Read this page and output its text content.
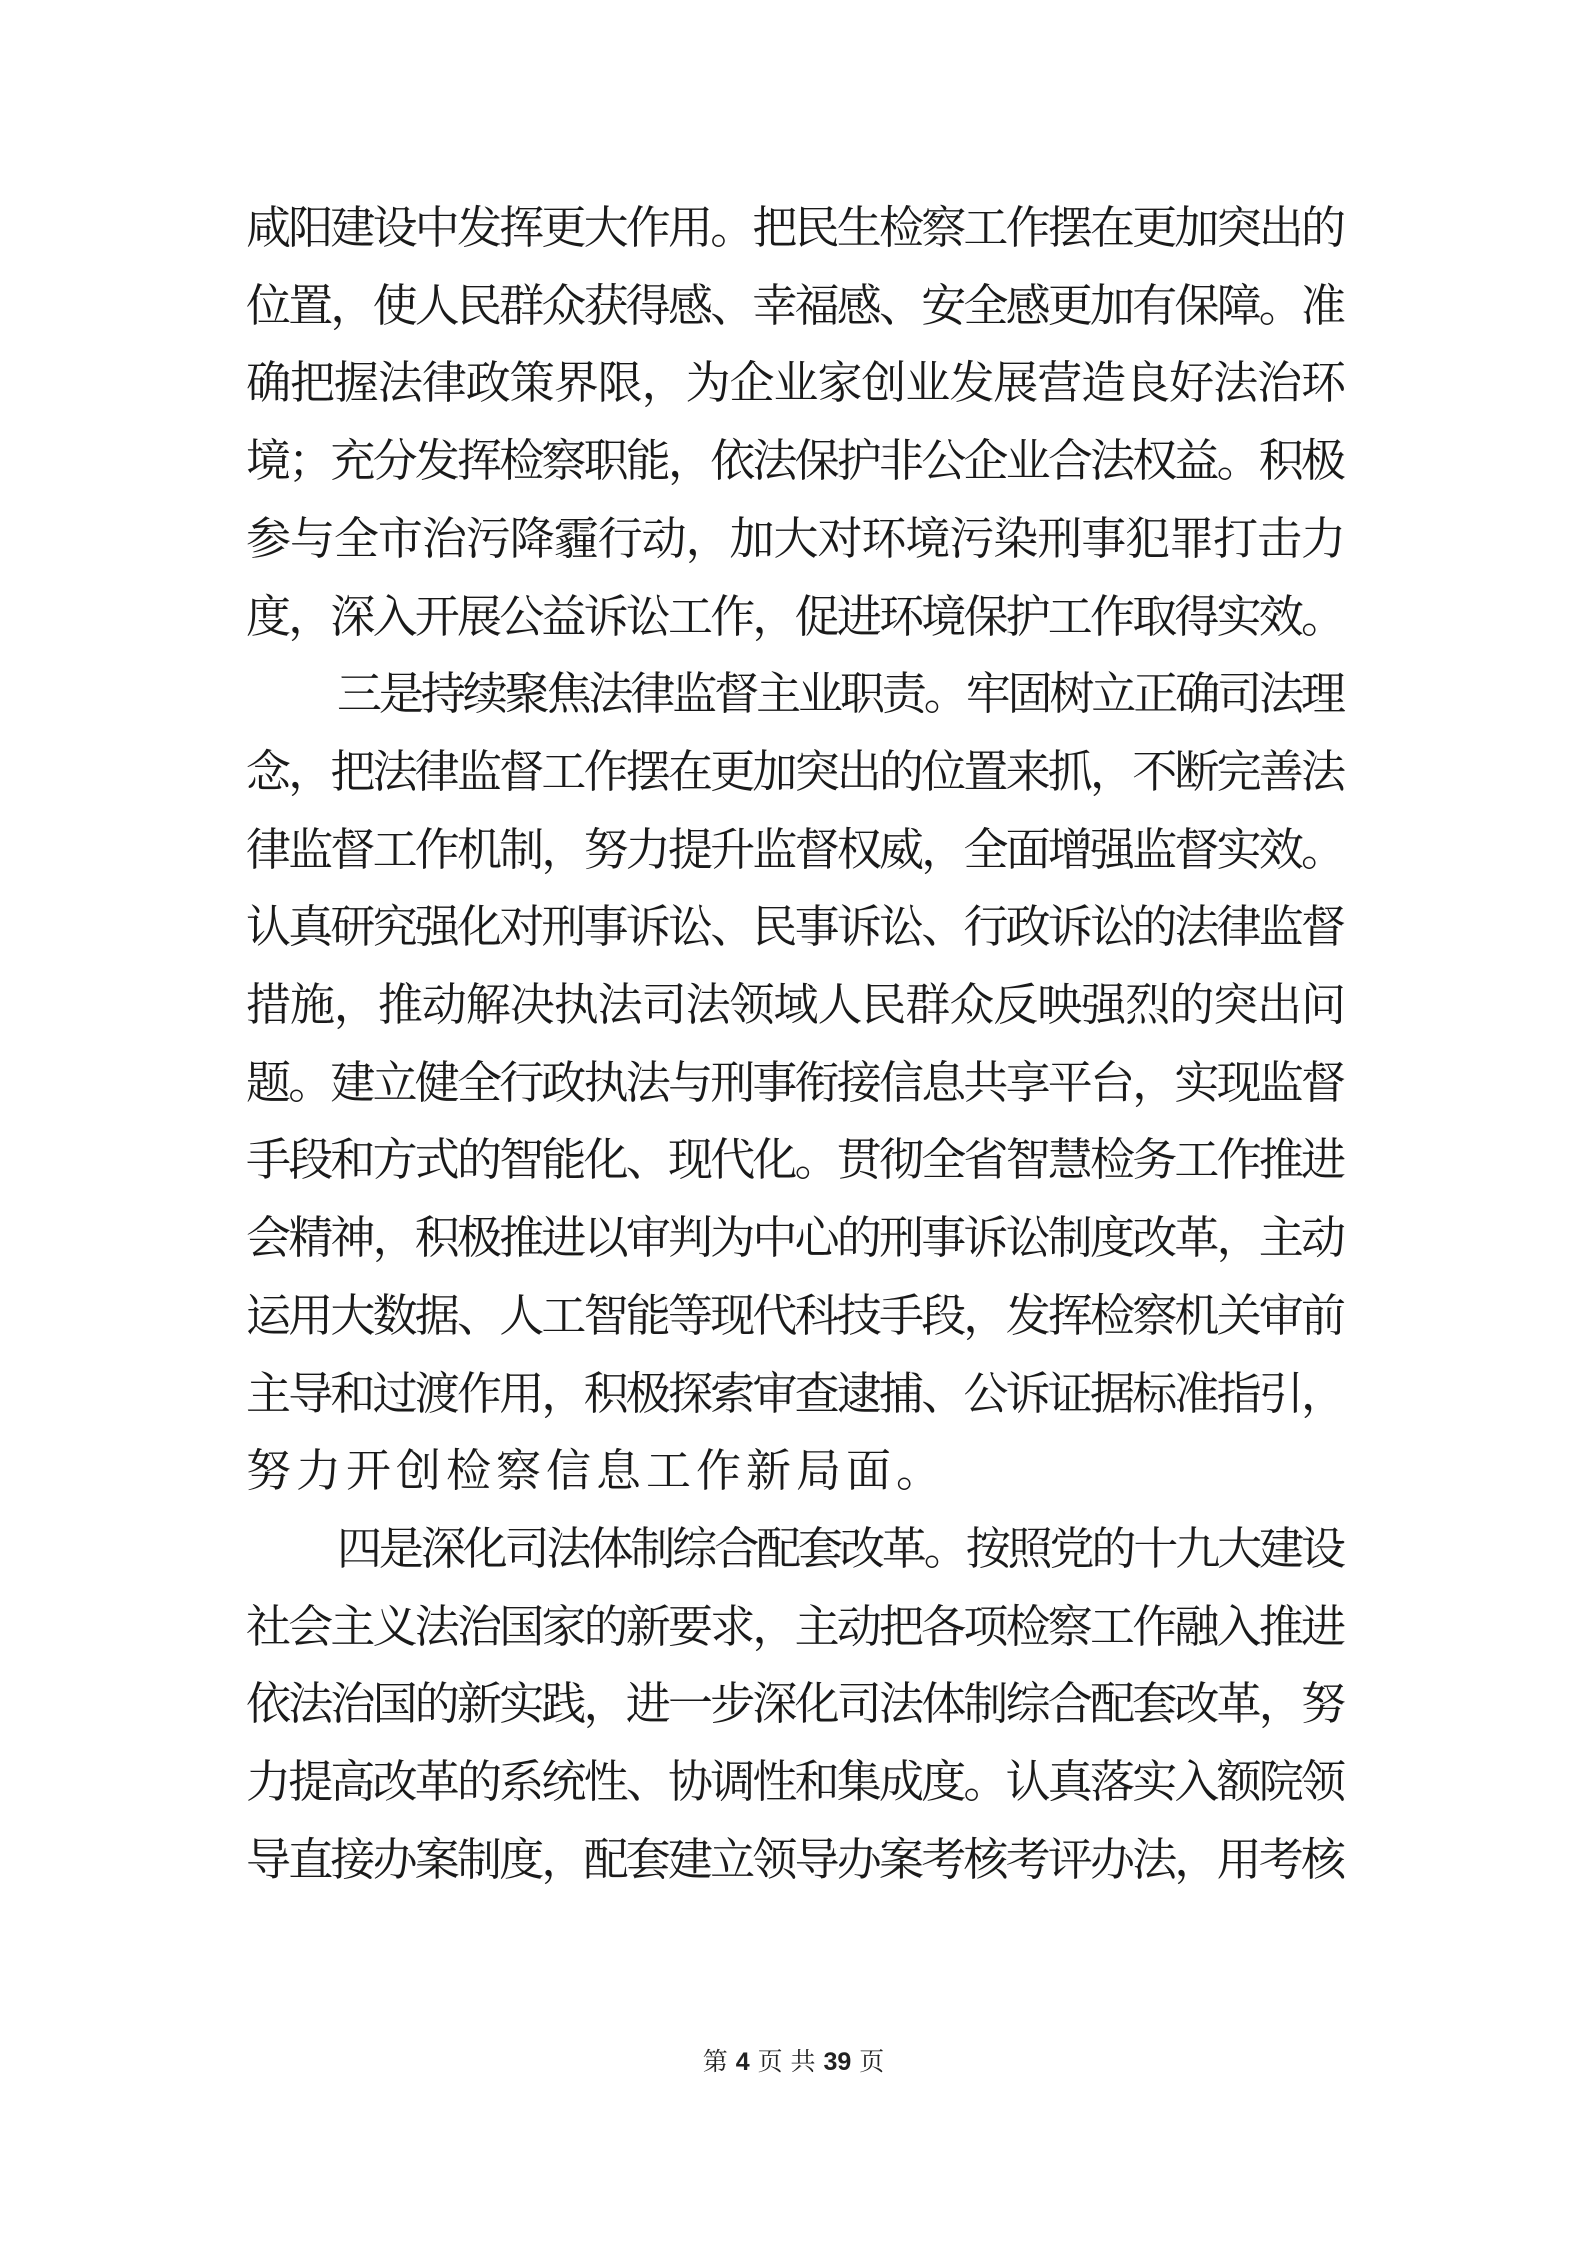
咸阳建设中发挥更大作用。把民生检察工作摆在更加突出的
位置，使人民群众获得感、幸福感、安全感更加有保障。准
确把握法律政策界限，为企业家创业发展营造良好法治环
境；充分发挥检察职能，依法保护非公企业合法权益。积极
参与全市治污降霾行动，加大对环境污染刑事犯罪打击力
度，深入开展公益诉讼工作，促进环境保护工作取得实效。
三是持续聚焦法律监督主业职责。牢固树立正确司法理
念，把法律监督工作摆在更加突出的位置来抓，不断完善法
律监督工作机制，努力提升监督权威，全面增强监督实效。
认真研究强化对刑事诉讼、民事诉讼、行政诉讼的法律监督
措施，推动解决执法司法领域人民群众反映强烈的突出问
题。建立健全行政执法与刑事衔接信息共享平台，实现监督
手段和方式的智能化、现代化。贯彻全省智慧检务工作推进
会精神，积极推进以审判为中心的刑事诉讼制度改革，主动
运用大数据、人工智能等现代科技手段，发挥检察机关审前
主导和过渡作用，积极探索审查逮捕、公诉证据标准指引，
努力开创检察信息工作新局面。
四是深化司法体制综合配套改革。按照党的十九大建设
社会主义法治国家的新要求，主动把各项检察工作融入推进
依法治国的新实践，进一步深化司法体制综合配套改革，努
力提高改革的系统性、协调性和集成度。认真落实入额院领
导直接办案制度，配套建立领导办案考核考评办法，用考核
第 4 页 共 39 页
